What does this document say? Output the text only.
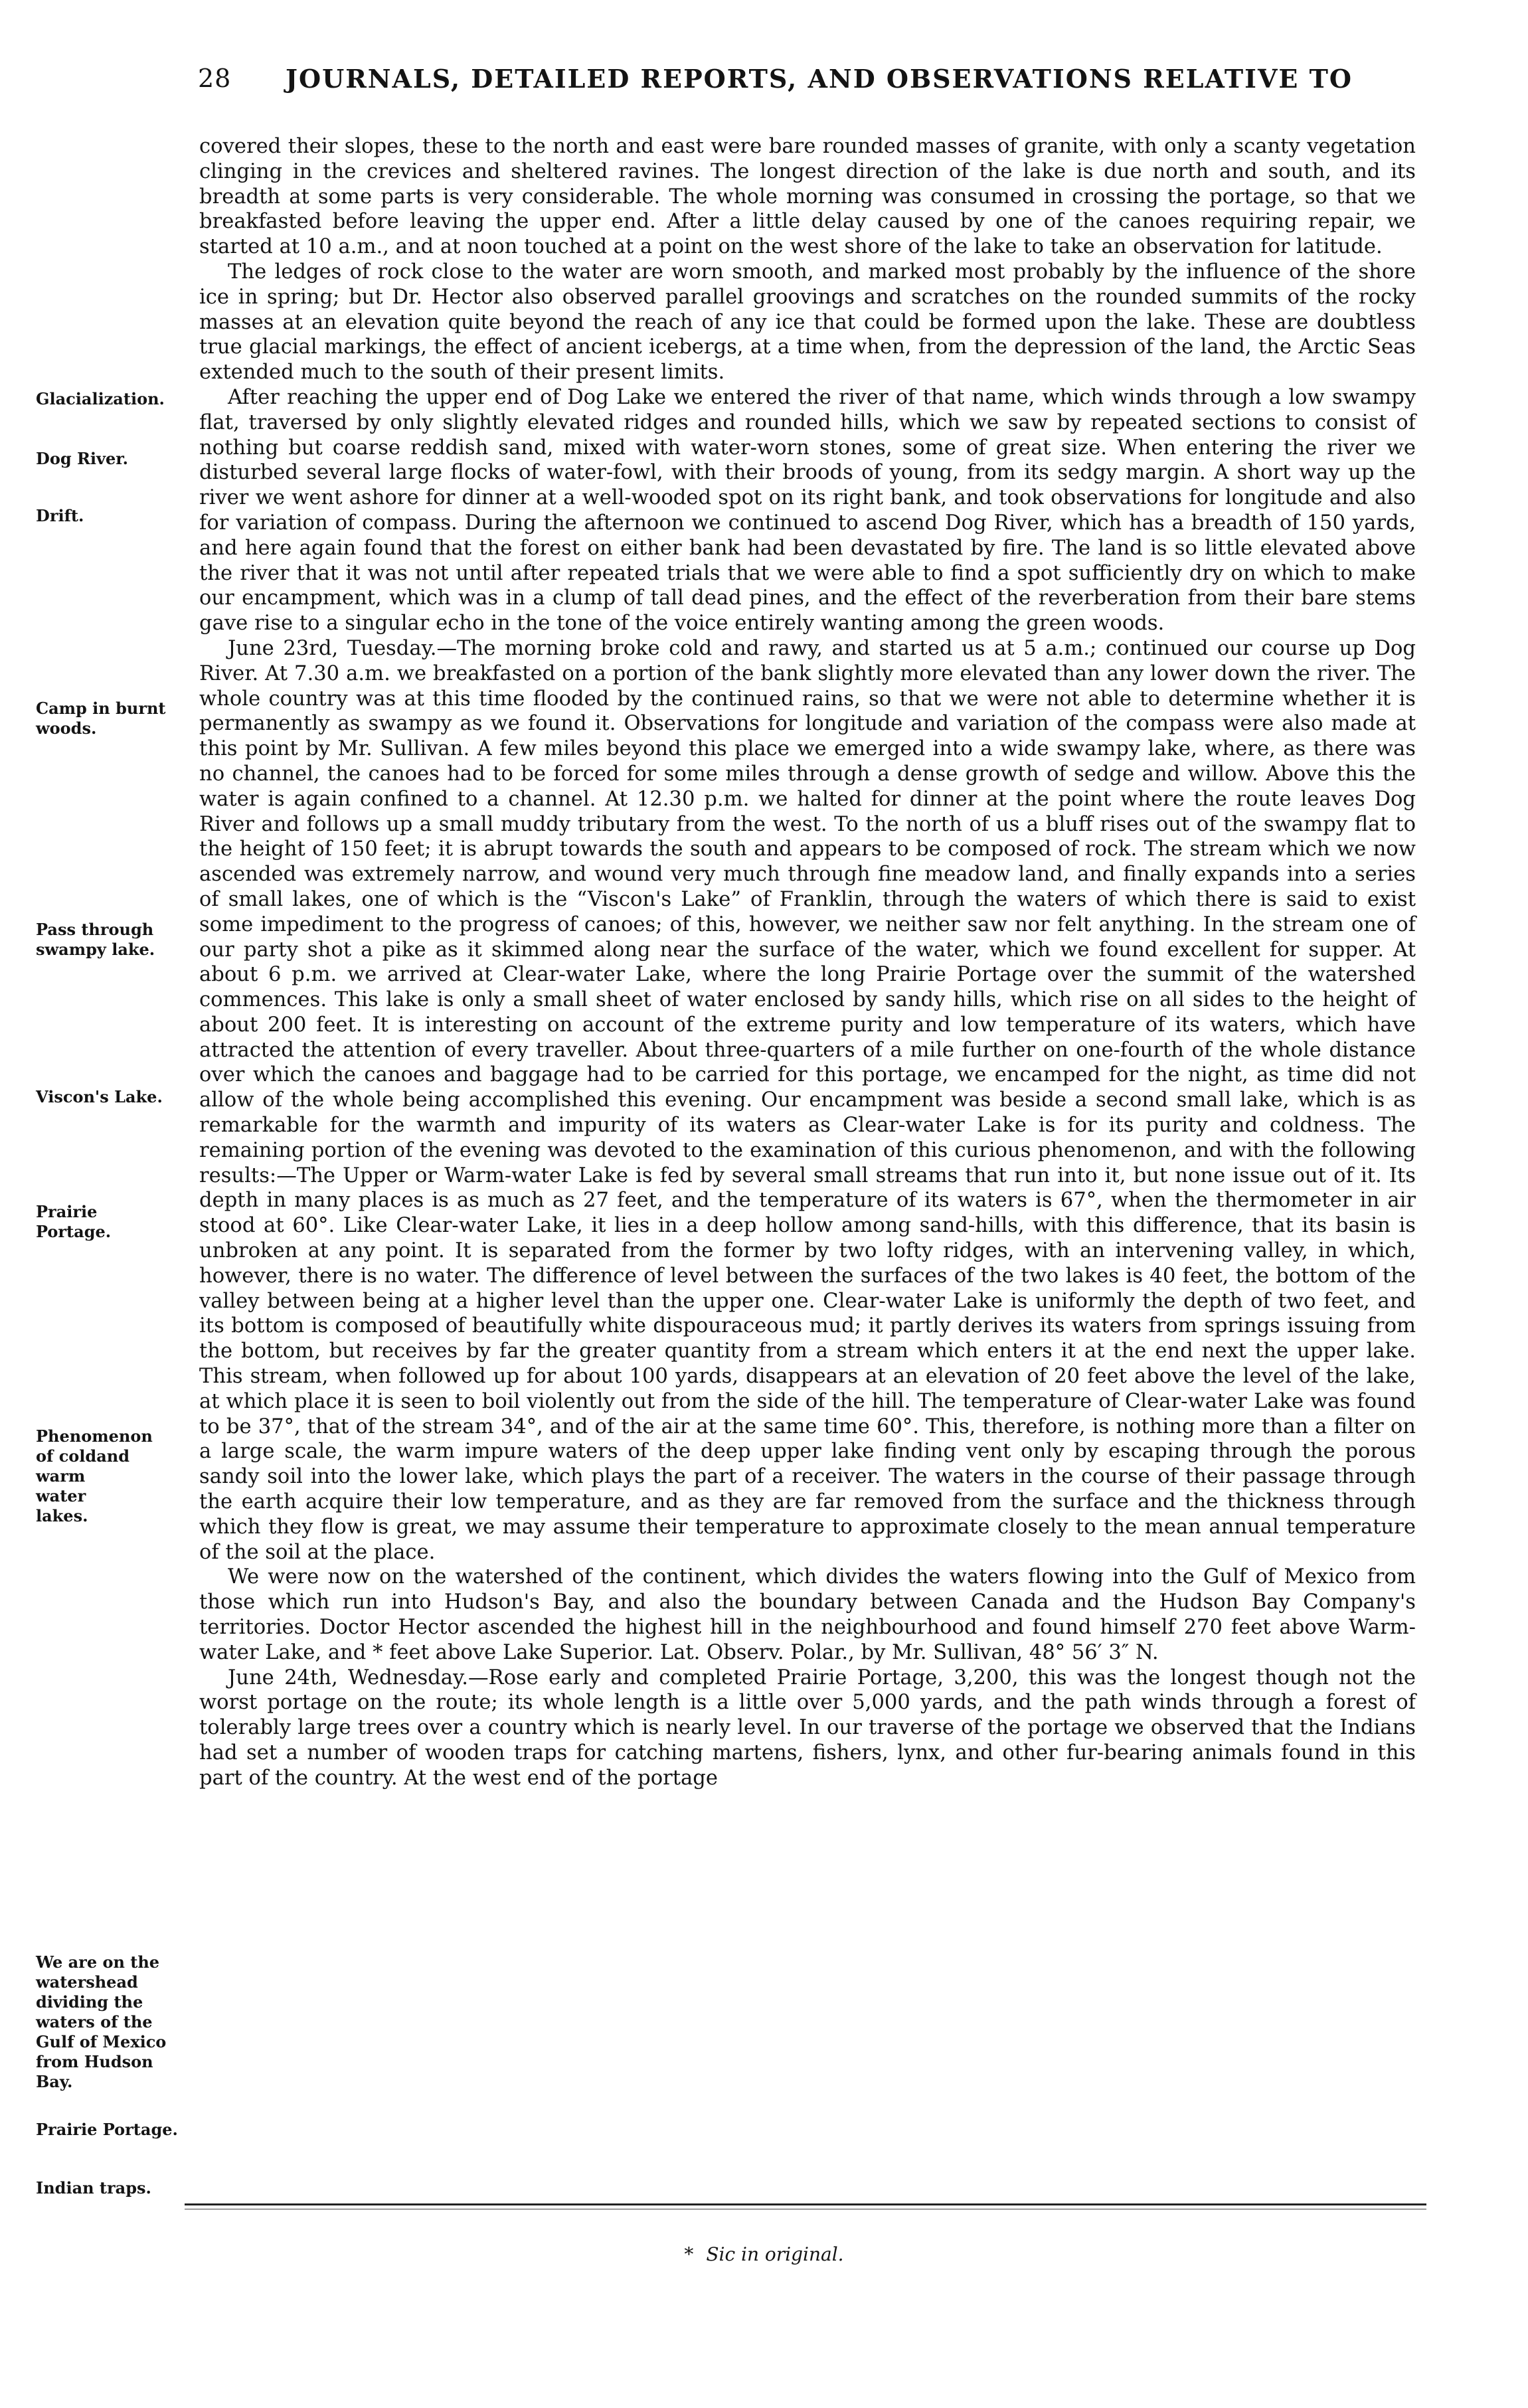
28 JOURNALS, DETAILED REPORTS, AND OBSERVATIONS RELATIVE TO
Glacialization.
Dog River.
Drift.
Camp in burnt woods.
Pass through swampy lake.
Viscon's Lake.
Prairie Portage.
Phenomenon of coldand warm water lakes.
We are on the watershead dividing the waters of the Gulf of Mexico from Hudson Bay.
Prairie Portage.
Indian traps.

covered their slopes, these to the north and east were bare rounded masses of granite, with only a scanty vegetation clinging in the crevices and sheltered ravines. The longest direction of the lake is due north and south, and its breadth at some parts is very considerable. The whole morning was consumed in crossing the portage, so that we breakfasted before leaving the upper end. After a little delay caused by one of the canoes requiring repair, we started at 10 a.m., and at noon touched at a point on the west shore of the lake to take an observation for latitude.

The ledges of rock close to the water are worn smooth, and marked most probably by the influence of the shore ice in spring; but Dr. Hector also observed parallel groovings and scratches on the rounded summits of the rocky masses at an elevation quite beyond the reach of any ice that could be formed upon the lake. These are doubtless true glacial markings, the effect of ancient icebergs, at a time when, from the depression of the land, the Arctic Seas extended much to the south of their present limits.

After reaching the upper end of Dog Lake we entered the river of that name, which winds through a low swampy flat, traversed by only slightly elevated ridges and rounded hills, which we saw by repeated sections to consist of nothing but coarse reddish sand, mixed with water-worn stones, some of great size. When entering the river we disturbed several large flocks of water-fowl, with their broods of young, from its sedgy margin. A short way up the river we went ashore for dinner at a well-wooded spot on its right bank, and took observations for longitude and also for variation of compass. During the afternoon we continued to ascend Dog River, which has a breadth of 150 yards, and here again found that the forest on either bank had been devastated by fire. The land is so little elevated above the river that it was not until after repeated trials that we were able to find a spot sufficiently dry on which to make our encampment, which was in a clump of tall dead pines, and the effect of the reverberation from their bare stems gave rise to a singular echo in the tone of the voice entirely wanting among the green woods.

June 23rd, Tuesday.—The morning broke cold and rawy, and started us at 5 a.m.; continued our course up Dog River. At 7.30 a.m. we breakfasted on a portion of the bank slightly more elevated than any lower down the river. The whole country was at this time flooded by the continued rains, so that we were not able to determine whether it is permanently as swampy as we found it. Observations for longitude and variation of the compass were also made at this point by Mr. Sullivan. A few miles beyond this place we emerged into a wide swampy lake, where, as there was no channel, the canoes had to be forced for some miles through a dense growth of sedge and willow. Above this the water is again confined to a channel. At 12.30 p.m. we halted for dinner at the point where the route leaves Dog River and follows up a small muddy tributary from the west. To the north of us a bluff rises out of the swampy flat to the height of 150 feet; it is abrupt towards the south and appears to be composed of rock. The stream which we now ascended was extremely narrow, and wound very much through fine meadow land, and finally expands into a series of small lakes, one of which is the “Viscon's Lake” of Franklin, through the waters of which there is said to exist some impediment to the progress of canoes; of this, however, we neither saw nor felt anything. In the stream one of our party shot a pike as it skimmed along near the surface of the water, which we found excellent for supper. At about 6 p.m. we arrived at Clear-water Lake, where the long Prairie Portage over the summit of the watershed commences. This lake is only a small sheet of water enclosed by sandy hills, which rise on all sides to the height of about 200 feet. It is interesting on account of the extreme purity and low temperature of its waters, which have attracted the attention of every traveller. About three-quarters of a mile further on one-fourth of the whole distance over which the canoes and baggage had to be carried for this portage, we encamped for the night, as time did not allow of the whole being accomplished this evening. Our encampment was beside a second small lake, which is as remarkable for the warmth and impurity of its waters as Clear-water Lake is for its purity and coldness. The remaining portion of the evening was devoted to the examination of this curious phenomenon, and with the following results:—The Upper or Warm-water Lake is fed by several small streams that run into it, but none issue out of it. Its depth in many places is as much as 27 feet, and the temperature of its waters is 67°, when the thermometer in air stood at 60°. Like Clear-water Lake, it lies in a deep hollow among sand-hills, with this difference, that its basin is unbroken at any point. It is separated from the former by two lofty ridges, with an intervening valley, in which, however, there is no water. The difference of level between the surfaces of the two lakes is 40 feet, the bottom of the valley between being at a higher level than the upper one. Clear-water Lake is uniformly the depth of two feet, and its bottom is composed of beautifully white dispouraceous mud; it partly derives its waters from springs issuing from the bottom, but receives by far the greater quantity from a stream which enters it at the end next the upper lake. This stream, when followed up for about 100 yards, disappears at an elevation of 20 feet above the level of the lake, at which place it is seen to boil violently out from the side of the hill. The temperature of Clear-water Lake was found to be 37°, that of the stream 34°, and of the air at the same time 60°. This, therefore, is nothing more than a filter on a large scale, the warm impure waters of the deep upper lake finding vent only by escaping through the porous sandy soil into the lower lake, which plays the part of a receiver. The waters in the course of their passage through the earth acquire their low temperature, and as they are far removed from the surface and the thickness through which they flow is great, we may assume their temperature to approximate closely to the mean annual temperature of the soil at the place.

We were now on the watershed of the continent, which divides the waters flowing into the Gulf of Mexico from those which run into Hudson's Bay, and also the boundary between Canada and the Hudson Bay Company's territories. Doctor Hector ascended the highest hill in the neighbourhood and found himself 270 feet above Warm-water Lake, and * feet above Lake Superior. Lat. Observ. Polar., by Mr. Sullivan, 48° 56′ 3″ N.

June 24th, Wednesday.—Rose early and completed Prairie Portage, 3,200, this was the longest though not the worst portage on the route; its whole length is a little over 5,000 yards, and the path winds through a forest of tolerably large trees over a country which is nearly level. In our traverse of the portage we observed that the Indians had set a number of wooden traps for catching martens, fishers, lynx, and other fur-bearing animals found in this part of the country. At the west end of the portage

* Sic in original.
